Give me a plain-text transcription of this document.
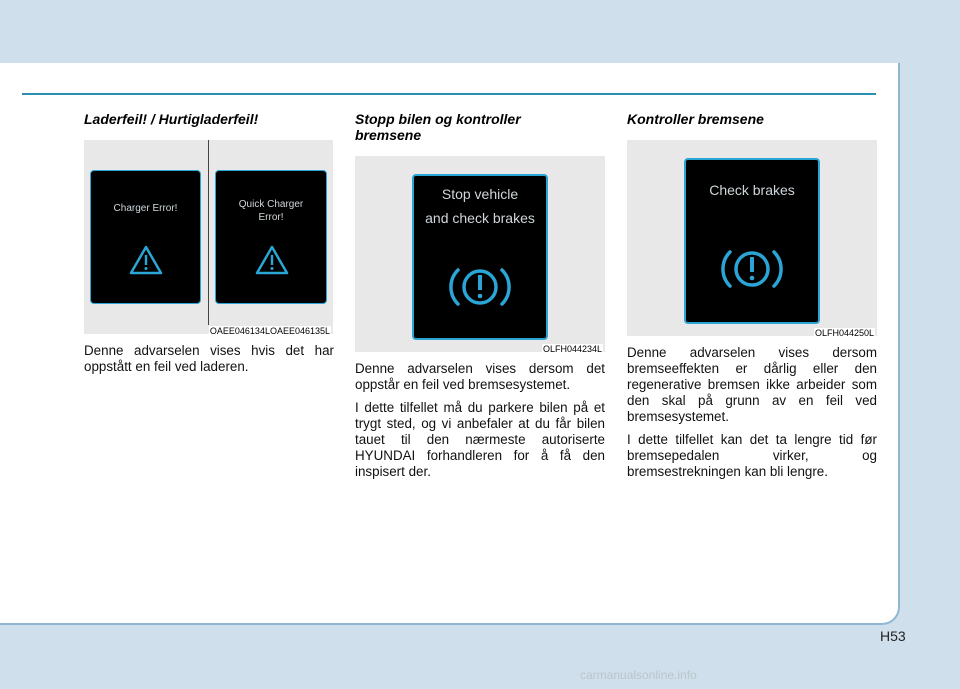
Laderfeil! / Hurtigladerfeil!
Charger Error!	Quick Charger Error!
OAEE046134LOAEE046135L

Denne advarselen vises hvis det har oppstått en feil ved laderen.

Stopp bilen og kontroller bremsene
Stop vehicle
and check brakes
OLFH044234L

Denne advarselen vises dersom det oppstår en feil ved bremsesystemet.

I dette tilfellet må du parkere bilen på et trygt sted, og vi anbefaler at du får bilen tauet til den nærmeste autoriserte HYUNDAI forhandleren for å få den inspisert der.

Kontroller bremsene
Check brakes
OLFH044250L

Denne advarselen vises dersom bremseeffekten er dårlig eller den regenerative bremsen ikke arbeider som den skal på grunn av en feil ved bremsesystemet.

I dette tilfellet kan det ta lengre tid før bremsepedalen virker, og bremsestrekningen kan bli lengre.

H53
carmanualsonline.info
